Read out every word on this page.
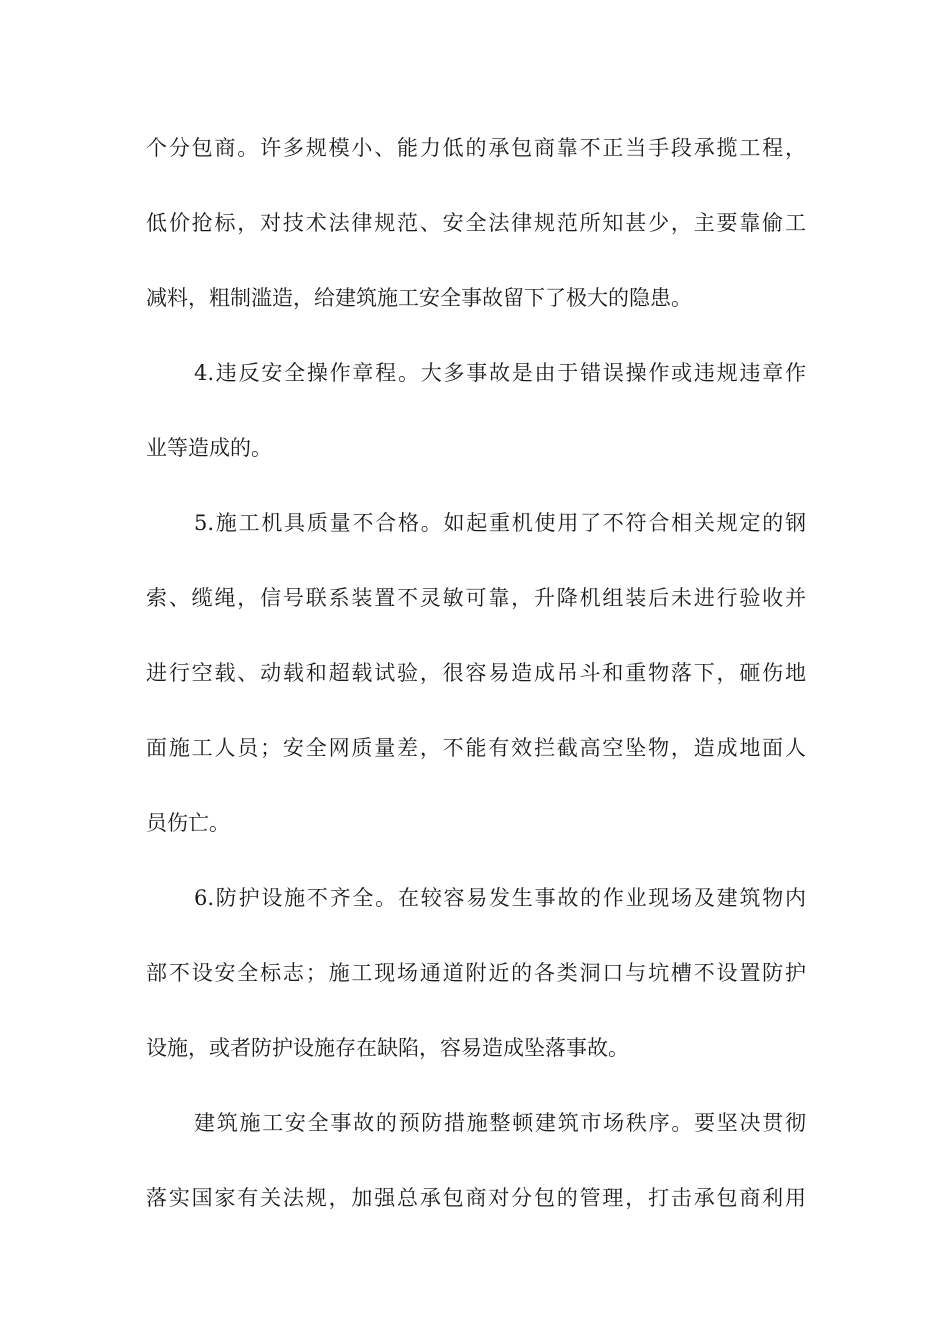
个分包商。许多规模小、能力低的承包商靠不正当手段承揽工程，
低价抢标，对技术法律规范、安全法律规范所知甚少，主要靠偷工
减料，粗制滥造，给建筑施工安全事故留下了极大的隐患。
4.违反安全操作章程。大多事故是由于错误操作或违规违章作
业等造成的。
5.施工机具质量不合格。如起重机使用了不符合相关规定的钢
索、缆绳，信号联系装置不灵敏可靠，升降机组装后未进行验收并
进行空载、动载和超载试验，很容易造成吊斗和重物落下，砸伤地
面施工人员；安全网质量差，不能有效拦截高空坠物，造成地面人
员伤亡。
6.防护设施不齐全。在较容易发生事故的作业现场及建筑物内
部不设安全标志；施工现场通道附近的各类洞口与坑槽不设置防护
设施，或者防护设施存在缺陷，容易造成坠落事故。
建筑施工安全事故的预防措施整顿建筑市场秩序。要坚决贯彻
落实国家有关法规，加强总承包商对分包的管理，打击承包商利用
